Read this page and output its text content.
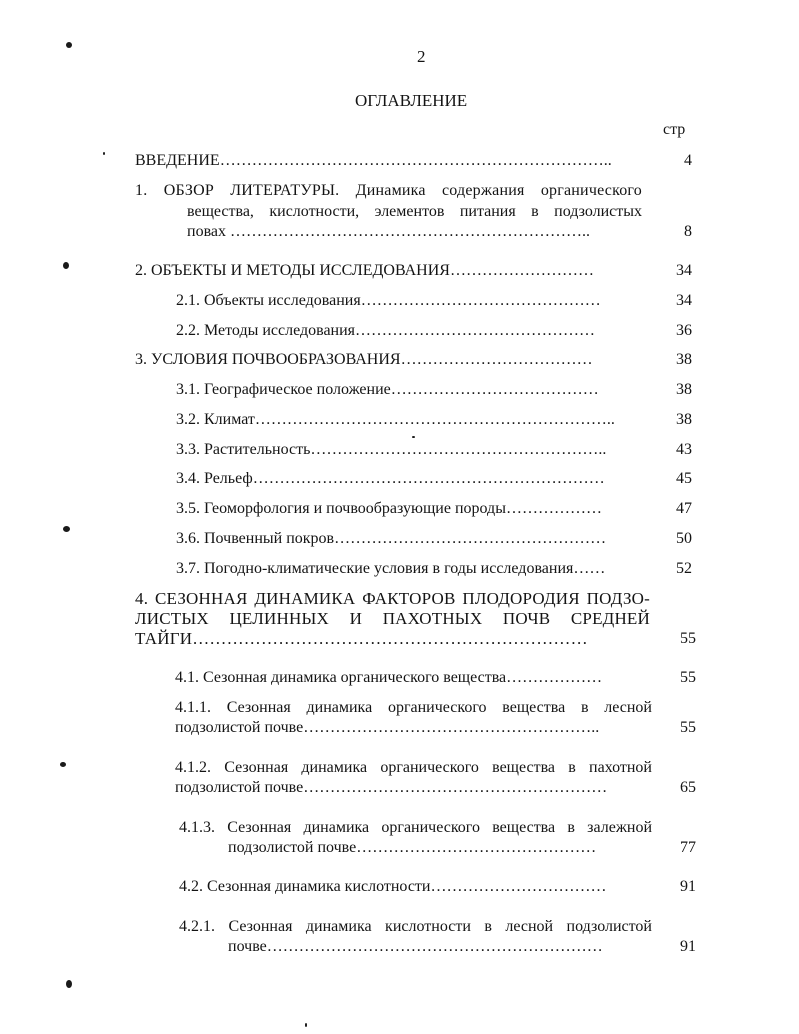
2
ОГЛАВЛЕНИЕ
стр
ВВЕДЕНИЕ………………………………………………………………..	4
1. ОБЗОР ЛИТЕРАТУРЫ. Динамика содержания органического
вещества, кислотности, элементов питания в подзолистых
повах …………………………………………………………..	8
2. ОБЪЕКТЫ И МЕТОДЫ ИССЛЕДОВАНИЯ………………………	34
2.1. Объекты исследования………………………………………	34
2.2. Методы исследования………………………………………	36
3. УСЛОВИЯ ПОЧВООБРАЗОВАНИЯ………………………………	38
3.1. Географическое положение…………………………………	38
3.2. Климат…………………………………………………………..	38
3.3. Растительность………………………………………………..	43
3.4. Рельеф…………………………………………………………	45
3.5. Геоморфология и почвообразующие породы………………	47
3.6. Почвенный покров……………………………………………	50
3.7. Погодно-климатические условия в годы исследования……	52
4. СЕЗОННАЯ ДИНАМИКА ФАКТОРОВ ПЛОДОРОДИЯ ПОДЗО-
ЛИСТЫХ ЦЕЛИННЫХ И ПАХОТНЫХ ПОЧВ СРЕДНЕЙ
ТАЙГИ……………………………………………………………	55
4.1. Сезонная динамика органического вещества………………	55
4.1.1. Сезонная динамика органического вещества в лесной
подзолистой почве………………………………………………..	55
4.1.2. Сезонная динамика органического вещества в пахотной
подзолистой почве…………………………………………………	65
4.1.3. Сезонная динамика органического вещества в залежной
подзолистой почве………………………………………	77
4.2. Сезонная динамика кислотности……………………………	91
4.2.1. Сезонная динамика кислотности в лесной подзолистой
почве………………………………………………………	91
